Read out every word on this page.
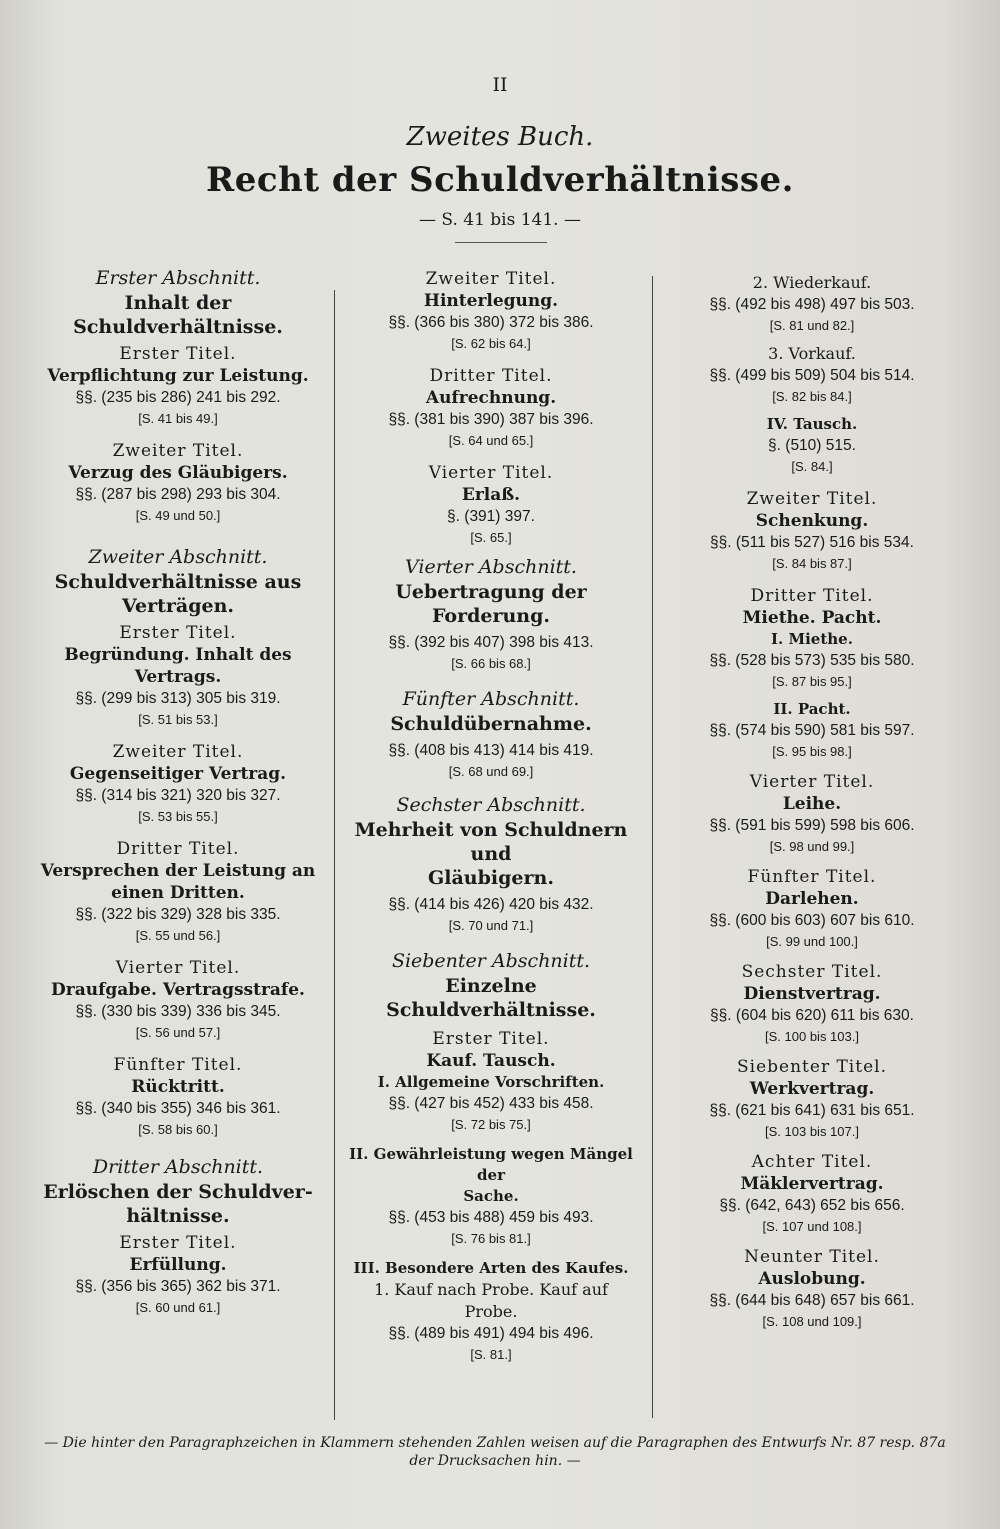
II
Zweites Buch.
Recht der Schuldverhältnisse.
— S. 41 bis 141. —
Erster Abschnitt.
Inhalt der Schuldverhältnisse.
Erster Titel.
Verpflichtung zur Leistung.
§§. (235 bis 286) 241 bis 292.
[S. 41 bis 49.]
Zweiter Titel.
Verzug des Gläubigers.
§§. (287 bis 298) 293 bis 304.
[S. 49 und 50.]
Zweiter Abschnitt.
Schuldverhältnisse aus
Verträgen.
Erster Titel.
Begründung. Inhalt des
Vertrags.
§§. (299 bis 313) 305 bis 319.
[S. 51 bis 53.]
Zweiter Titel.
Gegenseitiger Vertrag.
§§. (314 bis 321) 320 bis 327.
[S. 53 bis 55.]
Dritter Titel.
Versprechen der Leistung an
einen Dritten.
§§. (322 bis 329) 328 bis 335.
[S. 55 und 56.]
Vierter Titel.
Draufgabe. Vertragsstrafe.
§§. (330 bis 339) 336 bis 345.
[S. 56 und 57.]
Fünfter Titel.
Rücktritt.
§§. (340 bis 355) 346 bis 361.
[S. 58 bis 60.]
Dritter Abschnitt.
Erlöschen der Schuldver-
hältnisse.
Erster Titel.
Erfüllung.
§§. (356 bis 365) 362 bis 371.
[S. 60 und 61.]
Zweiter Titel.
Hinterlegung.
§§. (366 bis 380) 372 bis 386.
[S. 62 bis 64.]
Dritter Titel.
Aufrechnung.
§§. (381 bis 390) 387 bis 396.
[S. 64 und 65.]
Vierter Titel.
Erlaß.
§. (391) 397.
[S. 65.]
Vierter Abschnitt.
Uebertragung der Forderung.
§§. (392 bis 407) 398 bis 413.
[S. 66 bis 68.]
Fünfter Abschnitt.
Schuldübernahme.
§§. (408 bis 413) 414 bis 419.
[S. 68 und 69.]
Sechster Abschnitt.
Mehrheit von Schuldnern und
Gläubigern.
§§. (414 bis 426) 420 bis 432.
[S. 70 und 71.]
Siebenter Abschnitt.
Einzelne Schuldverhältnisse.
Erster Titel.
Kauf. Tausch.
I. Allgemeine Vorschriften.
§§. (427 bis 452) 433 bis 458.
[S. 72 bis 75.]
II. Gewährleistung wegen Mängel der
Sache.
§§. (453 bis 488) 459 bis 493.
[S. 76 bis 81.]
III. Besondere Arten des Kaufes.
1. Kauf nach Probe. Kauf auf
Probe.
§§. (489 bis 491) 494 bis 496.
[S. 81.]
2. Wiederkauf.
§§. (492 bis 498) 497 bis 503.
[S. 81 und 82.]
3. Vorkauf.
§§. (499 bis 509) 504 bis 514.
[S. 82 bis 84.]
IV. Tausch.
§. (510) 515.
[S. 84.]
Zweiter Titel.
Schenkung.
§§. (511 bis 527) 516 bis 534.
[S. 84 bis 87.]
Dritter Titel.
Miethe. Pacht.
I. Miethe.
§§. (528 bis 573) 535 bis 580.
[S. 87 bis 95.]
II. Pacht.
§§. (574 bis 590) 581 bis 597.
[S. 95 bis 98.]
Vierter Titel.
Leihe.
§§. (591 bis 599) 598 bis 606.
[S. 98 und 99.]
Fünfter Titel.
Darlehen.
§§. (600 bis 603) 607 bis 610.
[S. 99 und 100.]
Sechster Titel.
Dienstvertrag.
§§. (604 bis 620) 611 bis 630.
[S. 100 bis 103.]
Siebenter Titel.
Werkvertrag.
§§. (621 bis 641) 631 bis 651.
[S. 103 bis 107.]
Achter Titel.
Mäklervertrag.
§§. (642, 643) 652 bis 656.
[S. 107 und 108.]
Neunter Titel.
Auslobung.
§§. (644 bis 648) 657 bis 661.
[S. 108 und 109.]
— Die hinter den Paragraphzeichen in Klammern stehenden Zahlen weisen auf die Paragraphen des Entwurfs Nr. 87 resp. 87a
der Drucksachen hin. —
